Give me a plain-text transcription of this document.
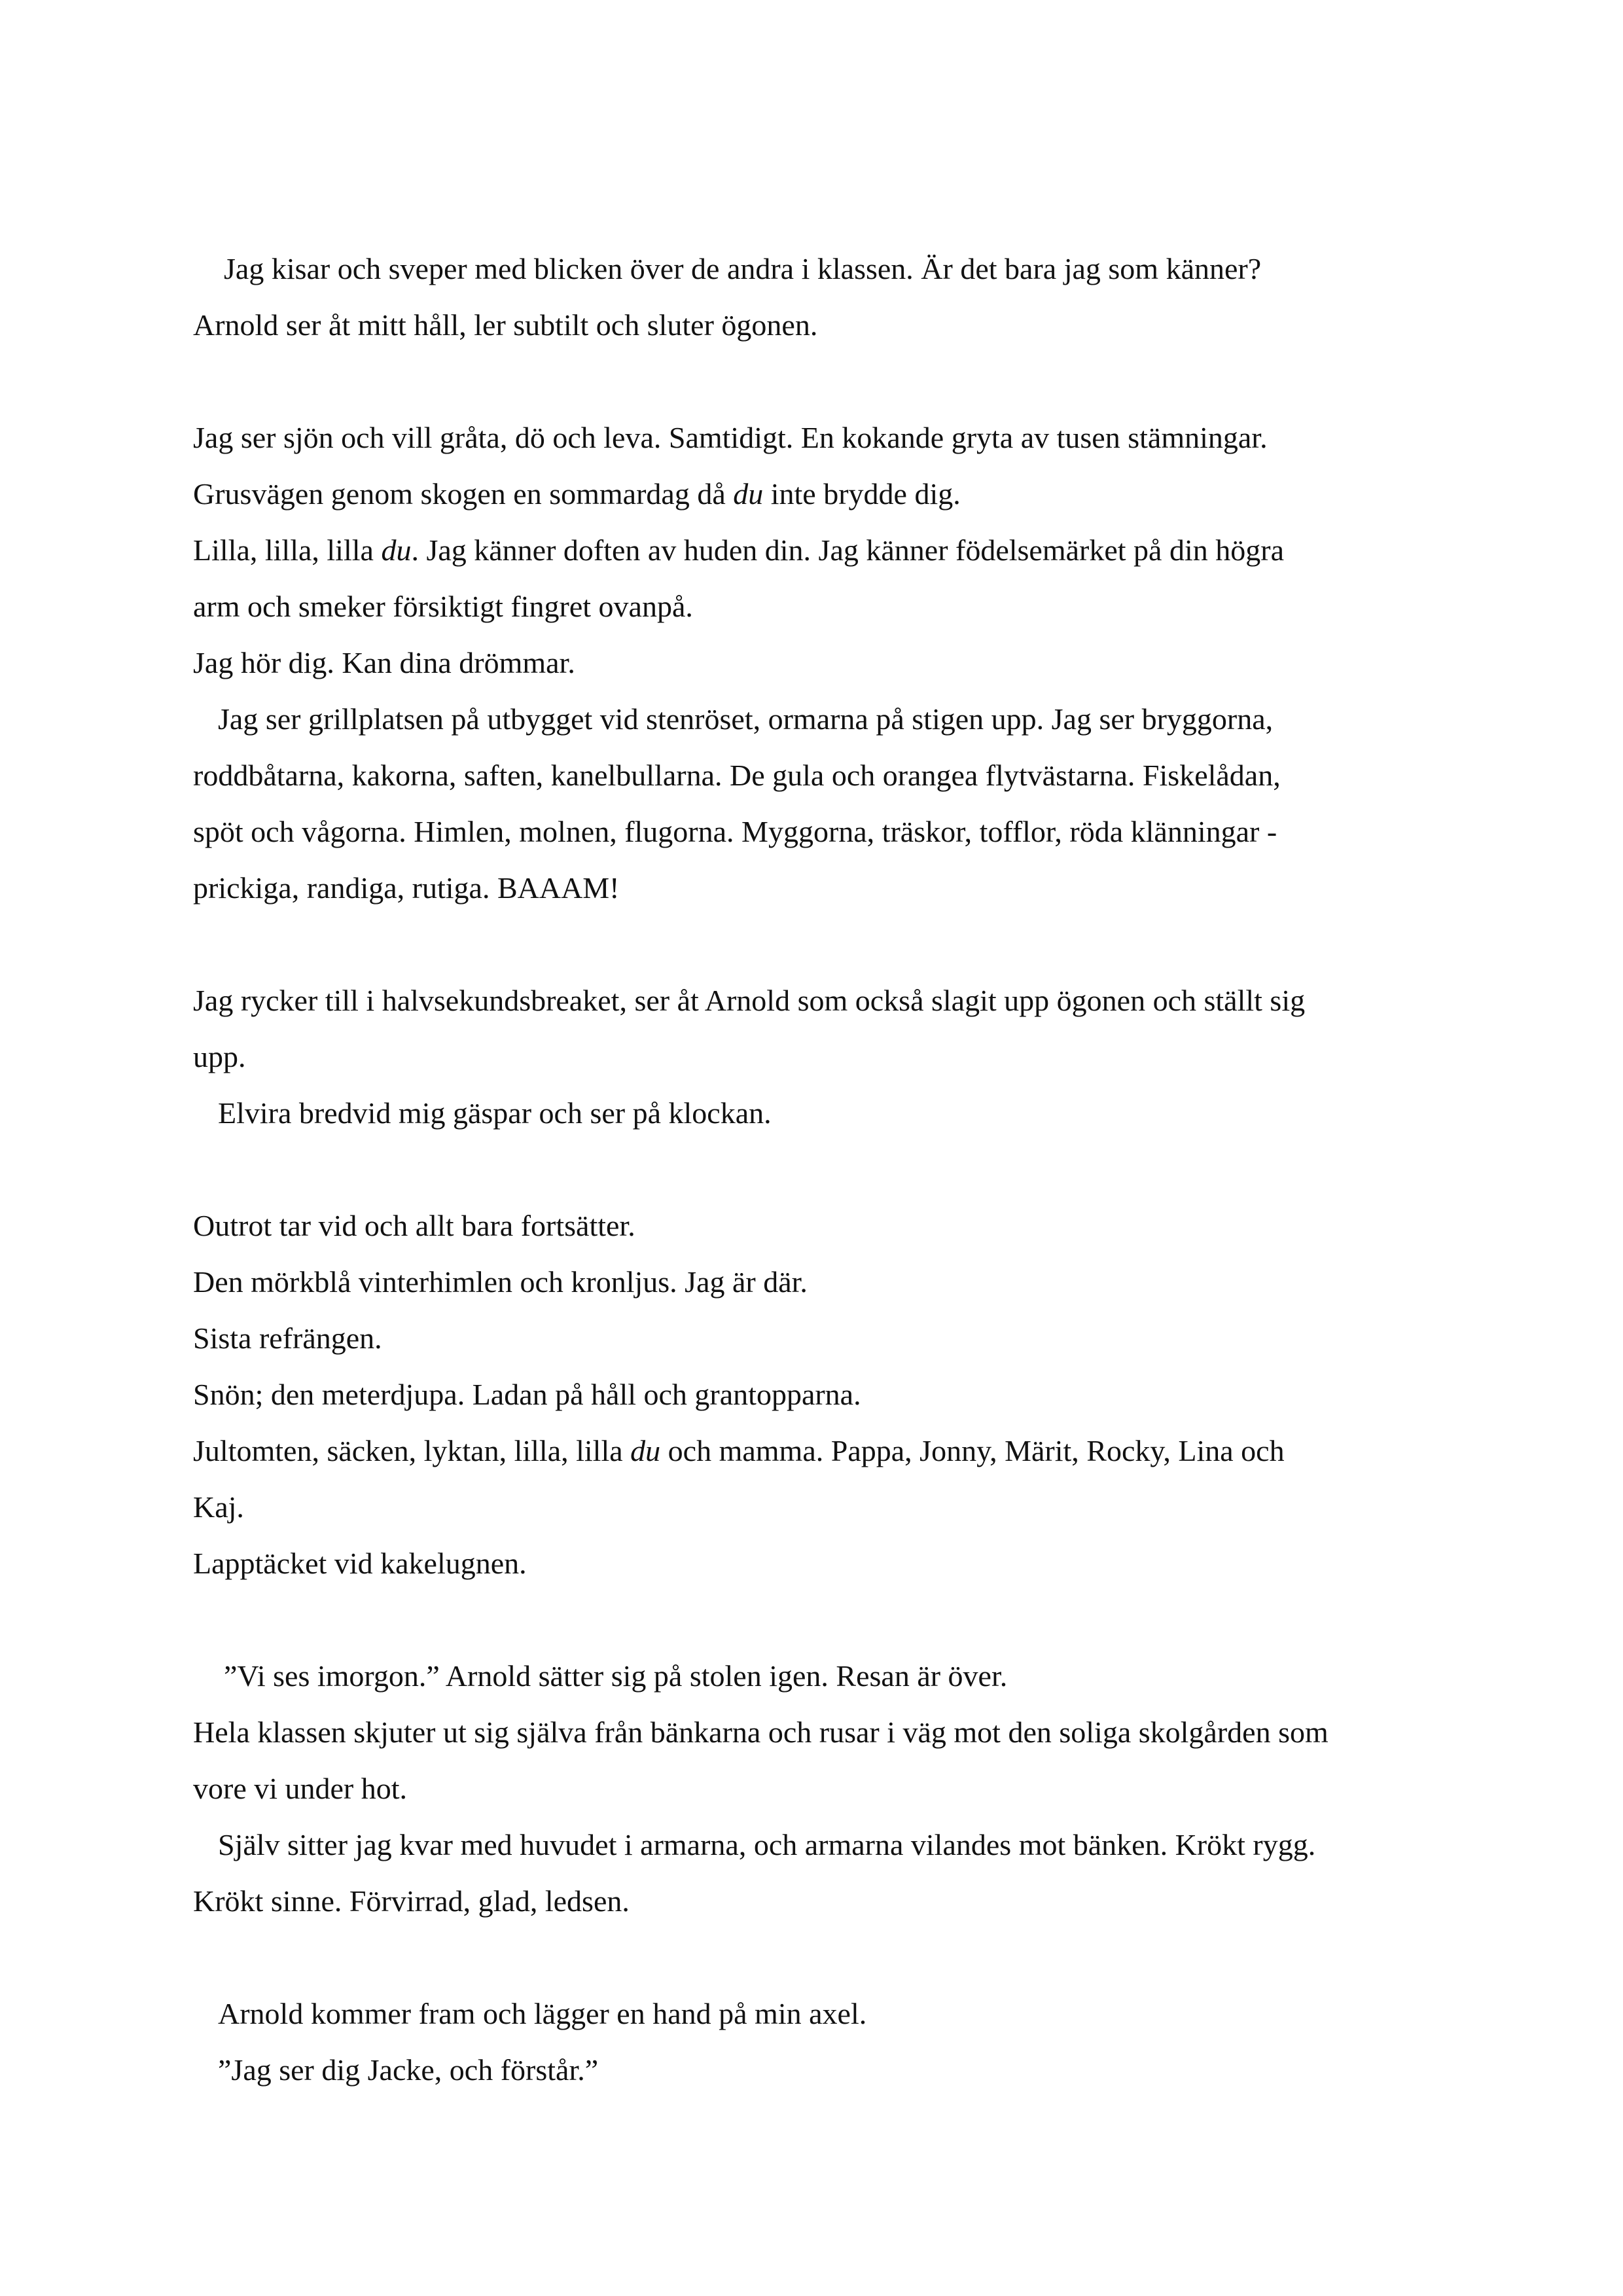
Jag kisar och sveper med blicken över de andra i klassen. Är det bara jag som känner?
Arnold ser åt mitt håll, ler subtilt och sluter ögonen.
Jag ser sjön och vill gråta, dö och leva. Samtidigt. En kokande gryta av tusen stämningar.
Grusvägen genom skogen en sommardag då du inte brydde dig.
Lilla, lilla, lilla du. Jag känner doften av huden din. Jag känner födelsemärket på din högra
arm och smeker försiktigt fingret ovanpå.
Jag hör dig. Kan dina drömmar.
Jag ser grillplatsen på utbygget vid stenröset, ormarna på stigen upp. Jag ser bryggorna,
roddbåtarna, kakorna, saften, kanelbullarna. De gula och orangea flytvästarna. Fiskelådan,
spöt och vågorna. Himlen, molnen, flugorna. Myggorna, träskor, tofflor, röda klänningar -
prickiga, randiga, rutiga. BAAAM!
Jag rycker till i halvsekundsbreaket, ser åt Arnold som också slagit upp ögonen och ställt sig
upp.
Elvira bredvid mig gäspar och ser på klockan.
Outrot tar vid och allt bara fortsätter.
Den mörkblå vinterhimlen och kronljus. Jag är där.
Sista refrängen.
Snön; den meterdjupa. Ladan på håll och grantopparna.
Jultomten, säcken, lyktan, lilla, lilla du och mamma. Pappa, Jonny, Märit, Rocky, Lina och
Kaj.
Lapptäcket vid kakelugnen.
”Vi ses imorgon.” Arnold sätter sig på stolen igen. Resan är över.
Hela klassen skjuter ut sig själva från bänkarna och rusar i väg mot den soliga skolgården som
vore vi under hot.
Själv sitter jag kvar med huvudet i armarna, och armarna vilandes mot bänken. Krökt rygg.
Krökt sinne. Förvirrad, glad, ledsen.
Arnold kommer fram och lägger en hand på min axel.
”Jag ser dig Jacke, och förstår.”
